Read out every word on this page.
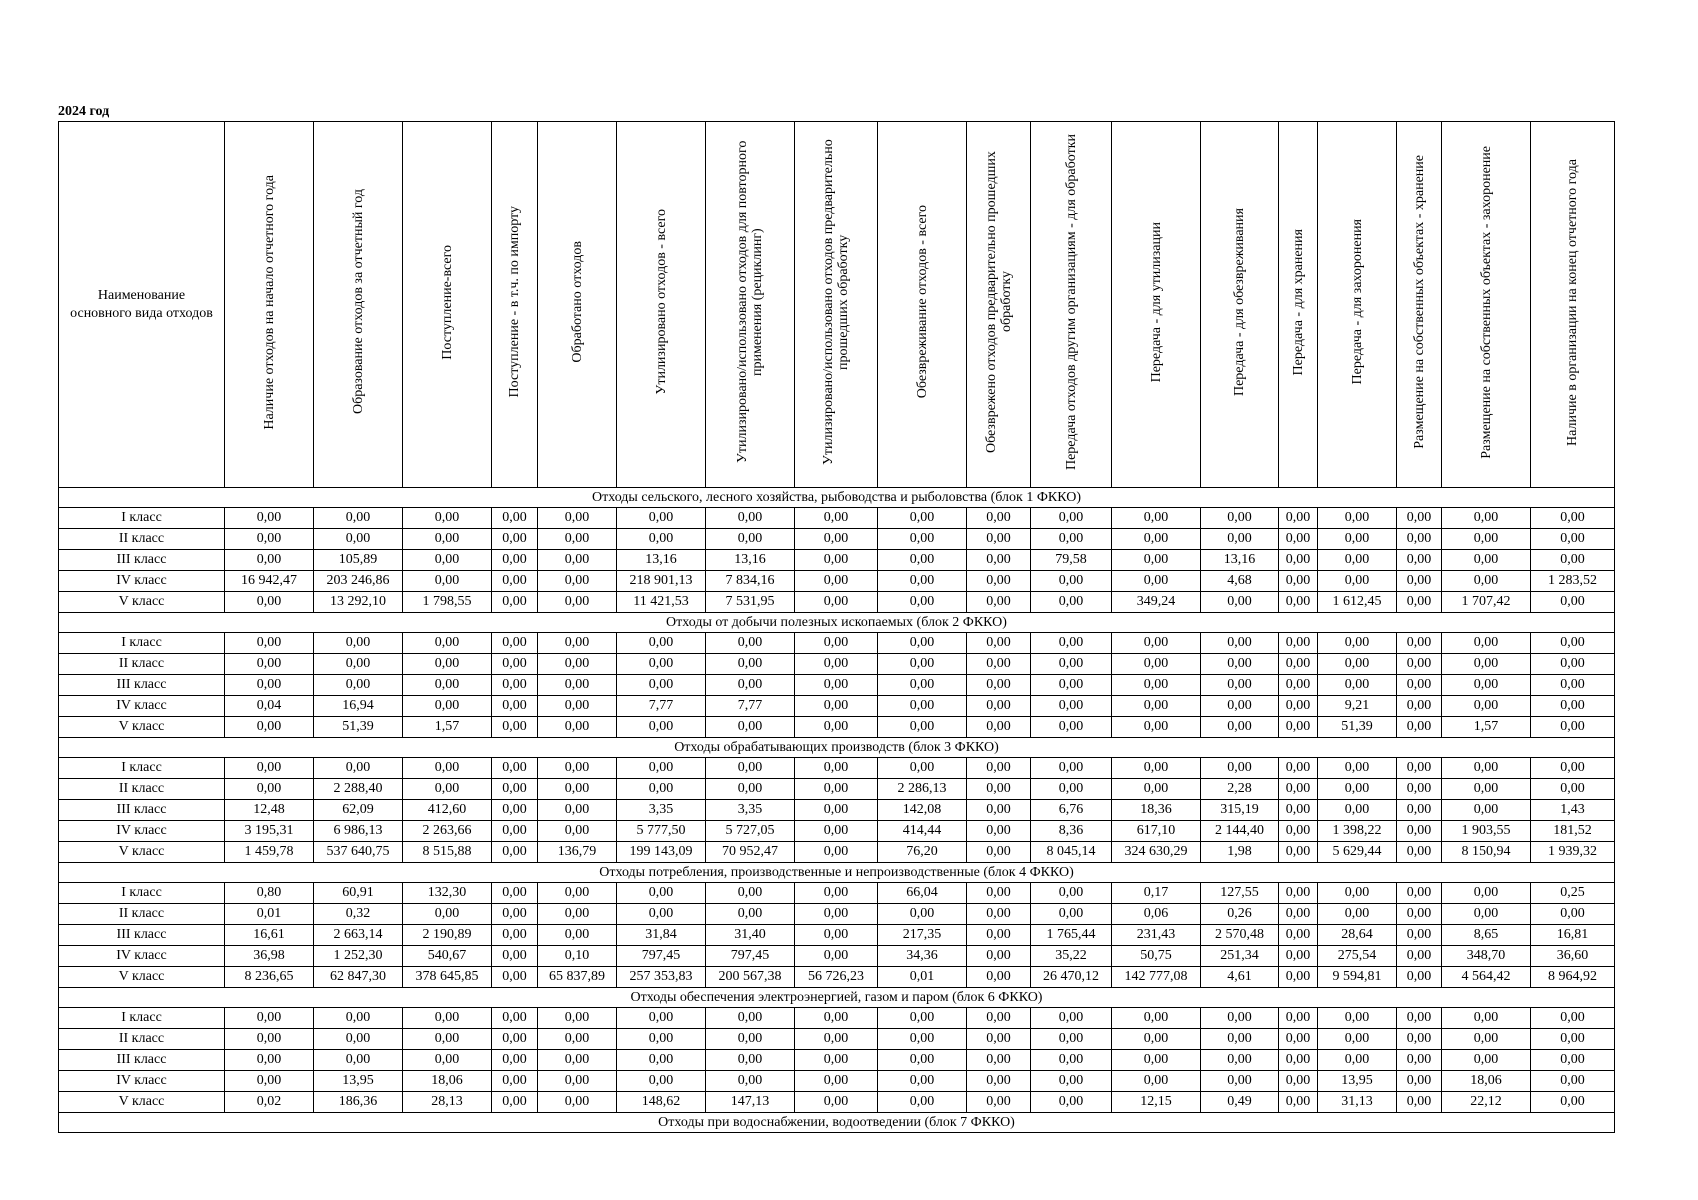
2024 год
Наименование основного вида отходов	Наличие отходов на начало отчетного года	Образование отходов за отчетный год	Поступление-всего	Поступление - в т.ч. по импорту	Обработано отходов	Утилизировано отходов - всего	Утилизировано/использовано отходов для повторного применения (рециклинг)	Утилизировано/использовано отходов предварительно прошедших обработку	Обезвреживание отходов - всего	Обезврежено отходов предварительно прошедших обработку	Передача отходов другим организациям - для обработки	Передача - для утилизации	Передача - для обезвреживания	Передача - для хранения	Передача - для захоронения	Размещение на собственных объектах - хранение	Размещение на собственных объектах - захоронение	Наличие в организации на конец отчетного года
Отходы сельского, лесного хозяйства, рыбоводства и рыболовства (блок 1 ФККО)																		
I класс	0,00	0,00	0,00	0,00	0,00	0,00	0,00	0,00	0,00	0,00	0,00	0,00	0,00	0,00	0,00	0,00	0,00	0,00
II класс	0,00	0,00	0,00	0,00	0,00	0,00	0,00	0,00	0,00	0,00	0,00	0,00	0,00	0,00	0,00	0,00	0,00	0,00
III класс	0,00	105,89	0,00	0,00	0,00	13,16	13,16	0,00	0,00	0,00	79,58	0,00	13,16	0,00	0,00	0,00	0,00	0,00
IV класс	16 942,47	203 246,86	0,00	0,00	0,00	218 901,13	7 834,16	0,00	0,00	0,00	0,00	0,00	4,68	0,00	0,00	0,00	0,00	1 283,52
V класс	0,00	13 292,10	1 798,55	0,00	0,00	11 421,53	7 531,95	0,00	0,00	0,00	0,00	349,24	0,00	0,00	1 612,45	0,00	1 707,42	0,00
Отходы от добычи полезных ископаемых (блок 2 ФККО)																		
I класс	0,00	0,00	0,00	0,00	0,00	0,00	0,00	0,00	0,00	0,00	0,00	0,00	0,00	0,00	0,00	0,00	0,00	0,00
II класс	0,00	0,00	0,00	0,00	0,00	0,00	0,00	0,00	0,00	0,00	0,00	0,00	0,00	0,00	0,00	0,00	0,00	0,00
III класс	0,00	0,00	0,00	0,00	0,00	0,00	0,00	0,00	0,00	0,00	0,00	0,00	0,00	0,00	0,00	0,00	0,00	0,00
IV класс	0,04	16,94	0,00	0,00	0,00	7,77	7,77	0,00	0,00	0,00	0,00	0,00	0,00	0,00	9,21	0,00	0,00	0,00
V класс	0,00	51,39	1,57	0,00	0,00	0,00	0,00	0,00	0,00	0,00	0,00	0,00	0,00	0,00	51,39	0,00	1,57	0,00
Отходы обрабатывающих производств (блок 3 ФККО)																		
I класс	0,00	0,00	0,00	0,00	0,00	0,00	0,00	0,00	0,00	0,00	0,00	0,00	0,00	0,00	0,00	0,00	0,00	0,00
II класс	0,00	2 288,40	0,00	0,00	0,00	0,00	0,00	0,00	2 286,13	0,00	0,00	0,00	2,28	0,00	0,00	0,00	0,00	0,00
III класс	12,48	62,09	412,60	0,00	0,00	3,35	3,35	0,00	142,08	0,00	6,76	18,36	315,19	0,00	0,00	0,00	0,00	1,43
IV класс	3 195,31	6 986,13	2 263,66	0,00	0,00	5 777,50	5 727,05	0,00	414,44	0,00	8,36	617,10	2 144,40	0,00	1 398,22	0,00	1 903,55	181,52
V класс	1 459,78	537 640,75	8 515,88	0,00	136,79	199 143,09	70 952,47	0,00	76,20	0,00	8 045,14	324 630,29	1,98	0,00	5 629,44	0,00	8 150,94	1 939,32
Отходы потребления, производственные и непроизводственные (блок 4 ФККО)																		
I класс	0,80	60,91	132,30	0,00	0,00	0,00	0,00	0,00	66,04	0,00	0,00	0,17	127,55	0,00	0,00	0,00	0,00	0,25
II класс	0,01	0,32	0,00	0,00	0,00	0,00	0,00	0,00	0,00	0,00	0,00	0,06	0,26	0,00	0,00	0,00	0,00	0,00
III класс	16,61	2 663,14	2 190,89	0,00	0,00	31,84	31,40	0,00	217,35	0,00	1 765,44	231,43	2 570,48	0,00	28,64	0,00	8,65	16,81
IV класс	36,98	1 252,30	540,67	0,00	0,10	797,45	797,45	0,00	34,36	0,00	35,22	50,75	251,34	0,00	275,54	0,00	348,70	36,60
V класс	8 236,65	62 847,30	378 645,85	0,00	65 837,89	257 353,83	200 567,38	56 726,23	0,01	0,00	26 470,12	142 777,08	4,61	0,00	9 594,81	0,00	4 564,42	8 964,92
Отходы обеспечения электроэнергией, газом и паром (блок 6 ФККО)																		
I класс	0,00	0,00	0,00	0,00	0,00	0,00	0,00	0,00	0,00	0,00	0,00	0,00	0,00	0,00	0,00	0,00	0,00	0,00
II класс	0,00	0,00	0,00	0,00	0,00	0,00	0,00	0,00	0,00	0,00	0,00	0,00	0,00	0,00	0,00	0,00	0,00	0,00
III класс	0,00	0,00	0,00	0,00	0,00	0,00	0,00	0,00	0,00	0,00	0,00	0,00	0,00	0,00	0,00	0,00	0,00	0,00
IV класс	0,00	13,95	18,06	0,00	0,00	0,00	0,00	0,00	0,00	0,00	0,00	0,00	0,00	0,00	13,95	0,00	18,06	0,00
V класс	0,02	186,36	28,13	0,00	0,00	148,62	147,13	0,00	0,00	0,00	0,00	12,15	0,49	0,00	31,13	0,00	22,12	0,00
Отходы при водоснабжении, водоотведении (блок 7 ФККО)																		
